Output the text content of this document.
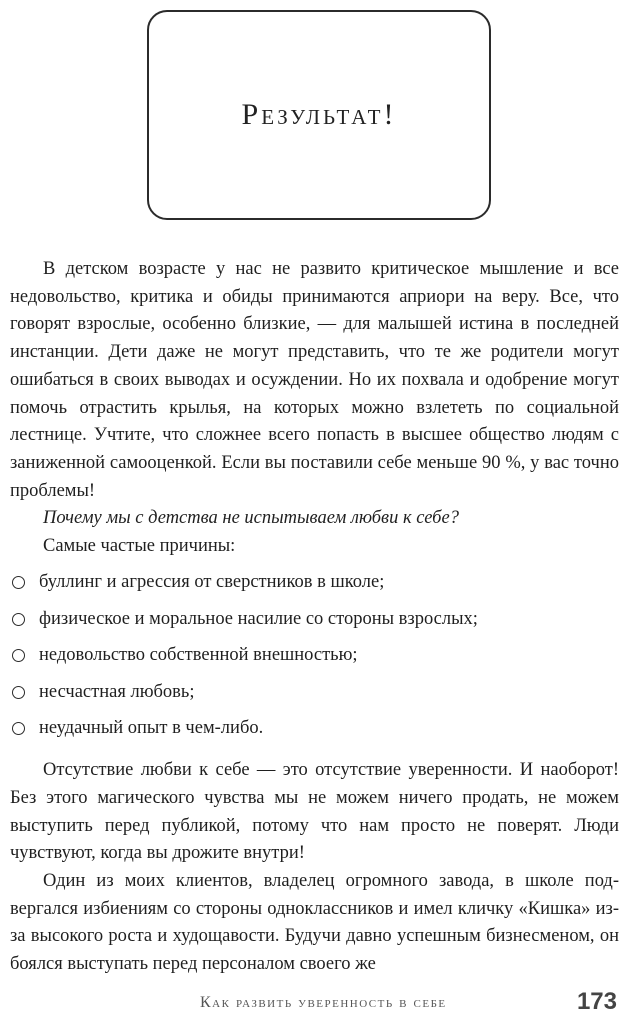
Результат!

В детском возрасте у нас не развито критическое мышление и все недовольство, критика и обиды принимаются априори на веру. Все, что говорят взрослые, особенно близкие, — для малышей истина в последней инстанции. Дети даже не могут представить, что те же родители могут ошибаться в своих выводах и осуждении. Но их похвала и одобрение могут помочь отрастить крылья, на которых можно взлететь по социальной лестнице. Учтите, что сложнее всего попасть в высшее общество людям с заниженной самооценкой. Если вы поставили себе меньше 90 %, у вас точно проблемы!

Почему мы с детства не испытываем любви к себе?

Самые частые причины:

буллинг и агрессия от сверстников в школе;
физическое и моральное насилие со стороны взрослых;
недовольство собственной внешностью;
несчастная любовь;
неудачный опыт в чем-либо.

Отсутствие любви к себе — это отсутствие уверенности. И наоборот! Без этого магического чувства мы не можем ничего продать, не можем выступить перед публикой, потому что нам просто не поверят. Люди чувствуют, когда вы дрожите внутри!

Один из моих клиентов, владелец огромного завода, в школе подвергался избиениям со стороны одноклассников и имел кличку «Кишка» из-за высокого роста и худощавости. Будучи давно успешным бизнесменом, он боялся выступать перед персоналом своего же

Как развить уверенность в себе	173
